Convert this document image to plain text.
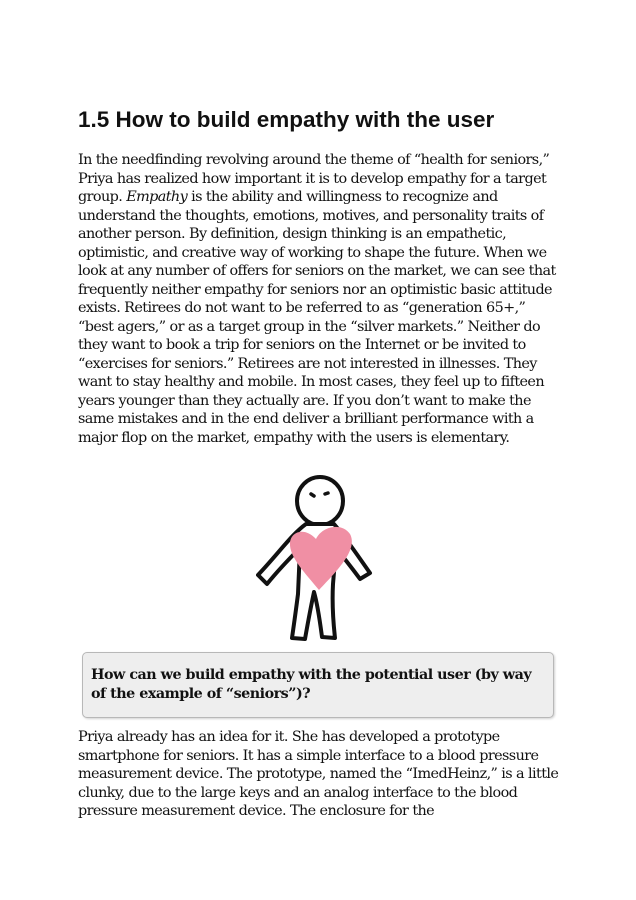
1.5 How to build empathy with the user

In the needfinding revolving around the theme of “health for seniors,” Priya has realized how important it is to develop empathy for a target group. Empathy is the ability and willingness to recognize and understand the thoughts, emotions, motives, and personality traits of another person. By definition, design thinking is an empathetic, optimistic, and creative way of working to shape the future. When we look at any number of offers for seniors on the market, we can see that frequently neither empathy for seniors nor an optimistic basic attitude exists. Retirees do not want to be referred to as “generation 65+,” “best agers,” or as a target group in the “silver markets.” Neither do they want to book a trip for seniors on the Internet or be invited to “exercises for seniors.” Retirees are not interested in illnesses. They want to stay healthy and mobile. In most cases, they feel up to fifteen years younger than they actually are. If you don’t want to make the same mistakes and in the end deliver a brilliant performance with a major flop on the market, empathy with the users is elementary.

How can we build empathy with the potential user (by way of the example of “seniors”)?

Priya already has an idea for it. She has developed a prototype smartphone for seniors. It has a simple interface to a blood pressure measurement device. The prototype, named the “ImedHeinz,” is a little clunky, due to the large keys and an analog interface to the blood pressure measurement device. The enclosure for the
